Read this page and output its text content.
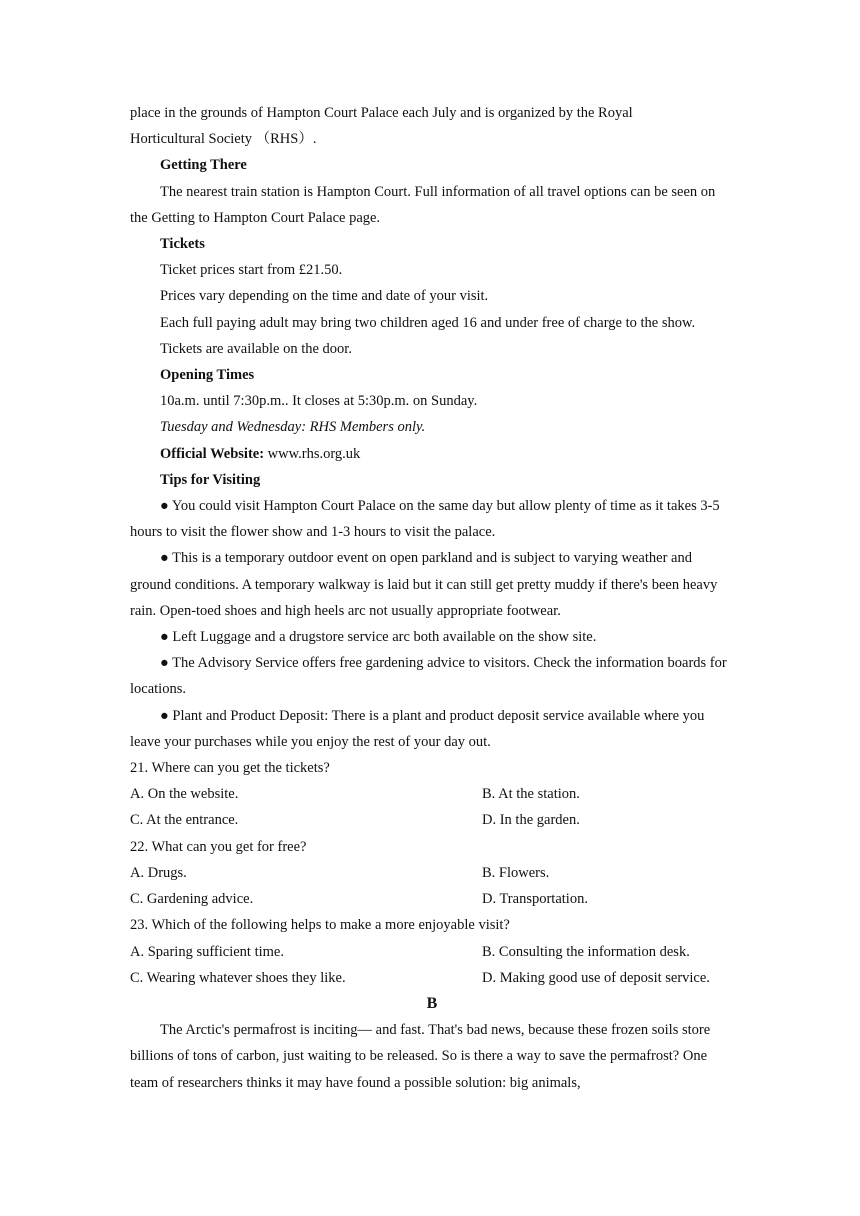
place in the grounds of Hampton Court Palace each July and is organized by the Royal

Horticultural Society （RHS）.

Getting There

The nearest train station is Hampton Court. Full information of all travel options can be seen on the Getting to Hampton Court Palace page.

Tickets

Ticket prices start from £21.50.

Prices vary depending on the time and date of your visit.

Each full paying adult may bring two children aged 16 and under free of charge to the show.

Tickets are available on the door.

Opening Times

10a.m. until 7:30p.m.. It closes at 5:30p.m. on Sunday.

Tuesday and Wednesday: RHS Members only.

Official Website: www.rhs.org.uk

Tips for Visiting

● You could visit Hampton Court Palace on the same day but allow plenty of time as it takes 3-5 hours to visit the flower show and 1-3 hours to visit the palace.

● This is a temporary outdoor event on open parkland and is subject to varying weather and ground conditions. A temporary walkway is laid but it can still get pretty muddy if there's been heavy rain. Open-toed shoes and high heels arc not usually appropriate footwear.

● Left Luggage and a drugstore service arc both available on the show site.

● The Advisory Service offers free gardening advice to visitors. Check the information boards for locations.

● Plant and Product Deposit: There is a plant and product deposit service available where you leave your purchases while you enjoy the rest of your day out.

21. Where can you get the tickets?

A. On the website.	B. At the station.
C. At the entrance.	D. In the garden.

22. What can you get for free?

A. Drugs.	B. Flowers.
C. Gardening advice.	D. Transportation.

23. Which of the following helps to make a more enjoyable visit?

A. Sparing sufficient time.	B. Consulting the information desk.
C. Wearing whatever shoes they like.	D. Making good use of deposit service.

B

The Arctic's permafrost is inciting— and fast. That's bad news, because these frozen soils store billions of tons of carbon, just waiting to be released. So is there a way to save the permafrost? One team of researchers thinks it may have found a possible solution: big animals,
